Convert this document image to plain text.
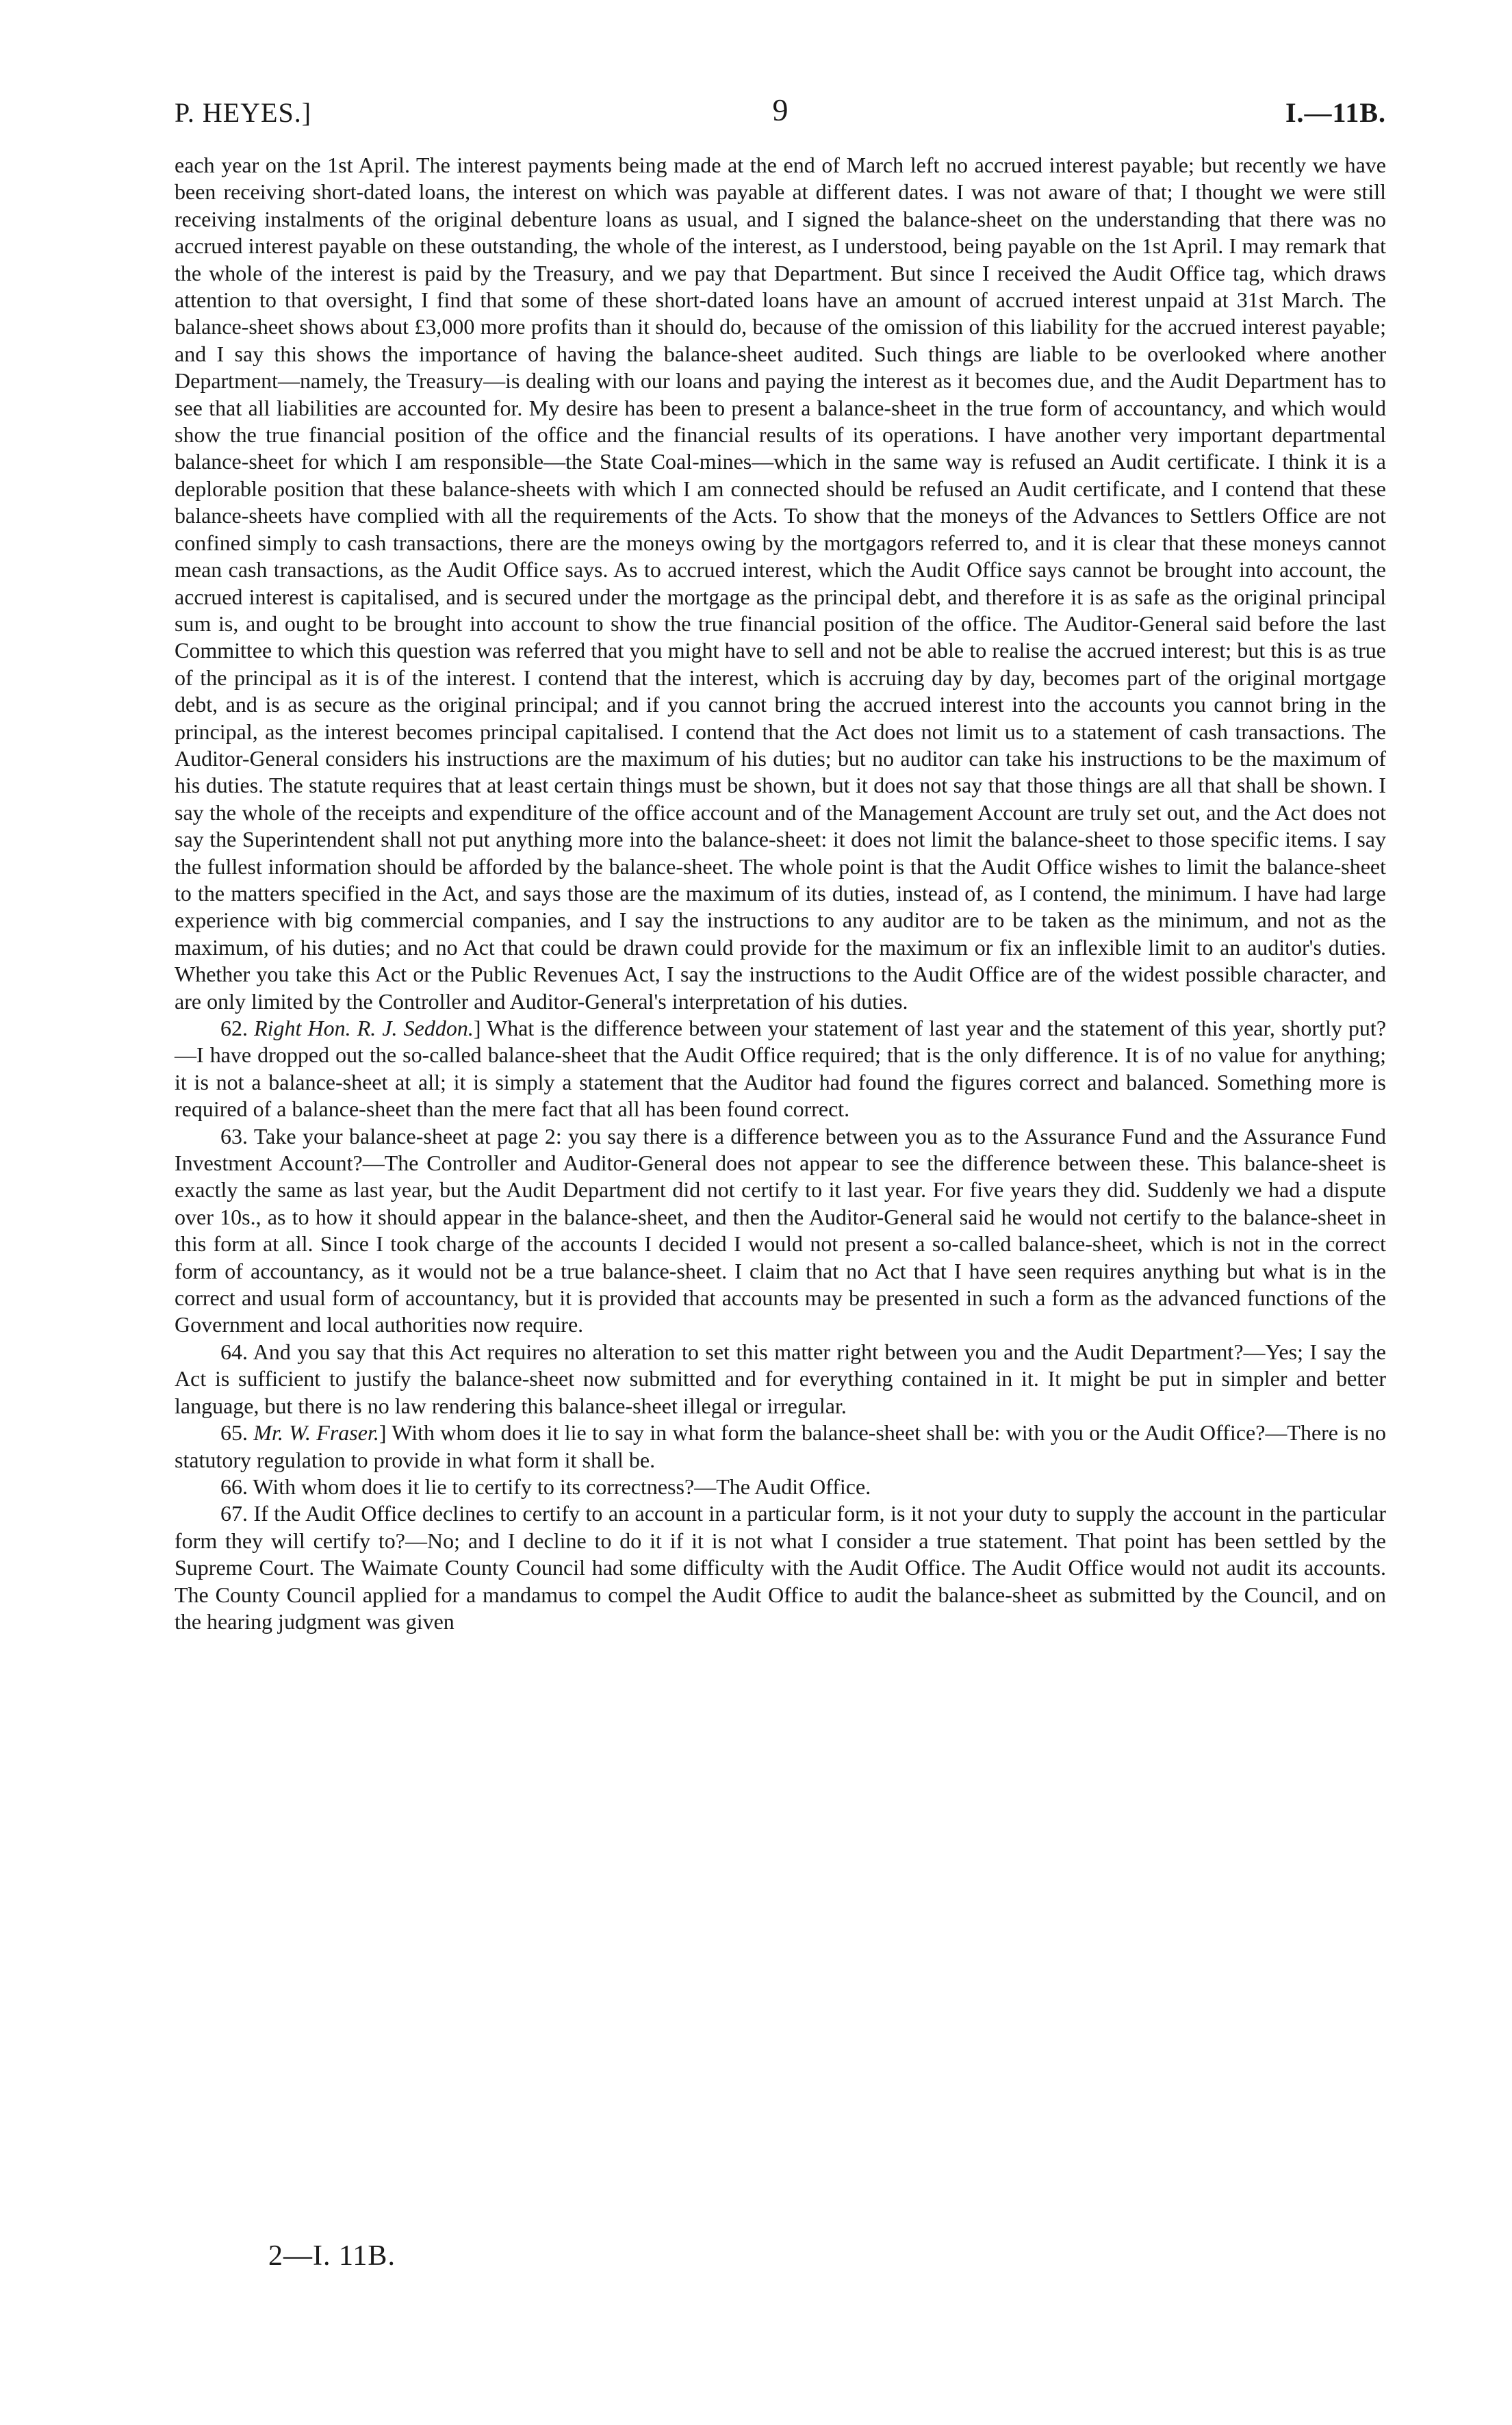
P. HEYES.]	9	I.—11B.

each year on the 1st April. The interest payments being made at the end of March left no accrued interest payable; but recently we have been receiving short-dated loans, the interest on which was payable at different dates. I was not aware of that; I thought we were still receiving instalments of the original debenture loans as usual, and I signed the balance-sheet on the understanding that there was no accrued interest payable on these outstanding, the whole of the interest, as I understood, being payable on the 1st April. I may remark that the whole of the interest is paid by the Treasury, and we pay that Department. But since I received the Audit Office tag, which draws attention to that oversight, I find that some of these short-dated loans have an amount of accrued interest unpaid at 31st March. The balance-sheet shows about £3,000 more profits than it should do, because of the omission of this liability for the accrued interest payable; and I say this shows the importance of having the balance-sheet audited. Such things are liable to be overlooked where another Department—namely, the Treasury—is dealing with our loans and paying the interest as it becomes due, and the Audit Department has to see that all liabilities are accounted for. My desire has been to present a balance-sheet in the true form of accountancy, and which would show the true financial position of the office and the financial results of its operations. I have another very important departmental balance-sheet for which I am responsible—the State Coal-mines—which in the same way is refused an Audit certificate. I think it is a deplorable position that these balance-sheets with which I am connected should be refused an Audit certificate, and I contend that these balance-sheets have complied with all the requirements of the Acts. To show that the moneys of the Advances to Settlers Office are not confined simply to cash transactions, there are the moneys owing by the mortgagors referred to, and it is clear that these moneys cannot mean cash transactions, as the Audit Office says. As to accrued interest, which the Audit Office says cannot be brought into account, the accrued interest is capitalised, and is secured under the mortgage as the principal debt, and therefore it is as safe as the original principal sum is, and ought to be brought into account to show the true financial position of the office. The Auditor-General said before the last Committee to which this question was referred that you might have to sell and not be able to realise the accrued interest; but this is as true of the principal as it is of the interest. I contend that the interest, which is accruing day by day, becomes part of the original mortgage debt, and is as secure as the original principal; and if you cannot bring the accrued interest into the accounts you cannot bring in the principal, as the interest becomes principal capitalised. I contend that the Act does not limit us to a statement of cash transactions. The Auditor-General considers his instructions are the maximum of his duties; but no auditor can take his instructions to be the maximum of his duties. The statute requires that at least certain things must be shown, but it does not say that those things are all that shall be shown. I say the whole of the receipts and expenditure of the office account and of the Management Account are truly set out, and the Act does not say the Superintendent shall not put anything more into the balance-sheet: it does not limit the balance-sheet to those specific items. I say the fullest information should be afforded by the balance-sheet. The whole point is that the Audit Office wishes to limit the balance-sheet to the matters specified in the Act, and says those are the maximum of its duties, instead of, as I contend, the minimum. I have had large experience with big commercial companies, and I say the instructions to any auditor are to be taken as the minimum, and not as the maximum, of his duties; and no Act that could be drawn could provide for the maximum or fix an inflexible limit to an auditor's duties. Whether you take this Act or the Public Revenues Act, I say the instructions to the Audit Office are of the widest possible character, and are only limited by the Controller and Auditor-General's interpretation of his duties.

62. Right Hon. R. J. Seddon.] What is the difference between your statement of last year and the statement of this year, shortly put?—I have dropped out the so-called balance-sheet that the Audit Office required; that is the only difference. It is of no value for anything; it is not a balance-sheet at all; it is simply a statement that the Auditor had found the figures correct and balanced. Something more is required of a balance-sheet than the mere fact that all has been found correct.

63. Take your balance-sheet at page 2: you say there is a difference between you as to the Assurance Fund and the Assurance Fund Investment Account?—The Controller and Auditor-General does not appear to see the difference between these. This balance-sheet is exactly the same as last year, but the Audit Department did not certify to it last year. For five years they did. Suddenly we had a dispute over 10s., as to how it should appear in the balance-sheet, and then the Auditor-General said he would not certify to the balance-sheet in this form at all. Since I took charge of the accounts I decided I would not present a so-called balance-sheet, which is not in the correct form of accountancy, as it would not be a true balance-sheet. I claim that no Act that I have seen requires anything but what is in the correct and usual form of accountancy, but it is provided that accounts may be presented in such a form as the advanced functions of the Government and local authorities now require.

64. And you say that this Act requires no alteration to set this matter right between you and the Audit Department?—Yes; I say the Act is sufficient to justify the balance-sheet now submitted and for everything contained in it. It might be put in simpler and better language, but there is no law rendering this balance-sheet illegal or irregular.

65. Mr. W. Fraser.] With whom does it lie to say in what form the balance-sheet shall be: with you or the Audit Office?—There is no statutory regulation to provide in what form it shall be.

66. With whom does it lie to certify to its correctness?—The Audit Office.

67. If the Audit Office declines to certify to an account in a particular form, is it not your duty to supply the account in the particular form they will certify to?—No; and I decline to do it if it is not what I consider a true statement. That point has been settled by the Supreme Court. The Waimate County Council had some difficulty with the Audit Office. The Audit Office would not audit its accounts. The County Council applied for a mandamus to compel the Audit Office to audit the balance-sheet as submitted by the Council, and on the hearing judgment was given

2—I. 11B.
